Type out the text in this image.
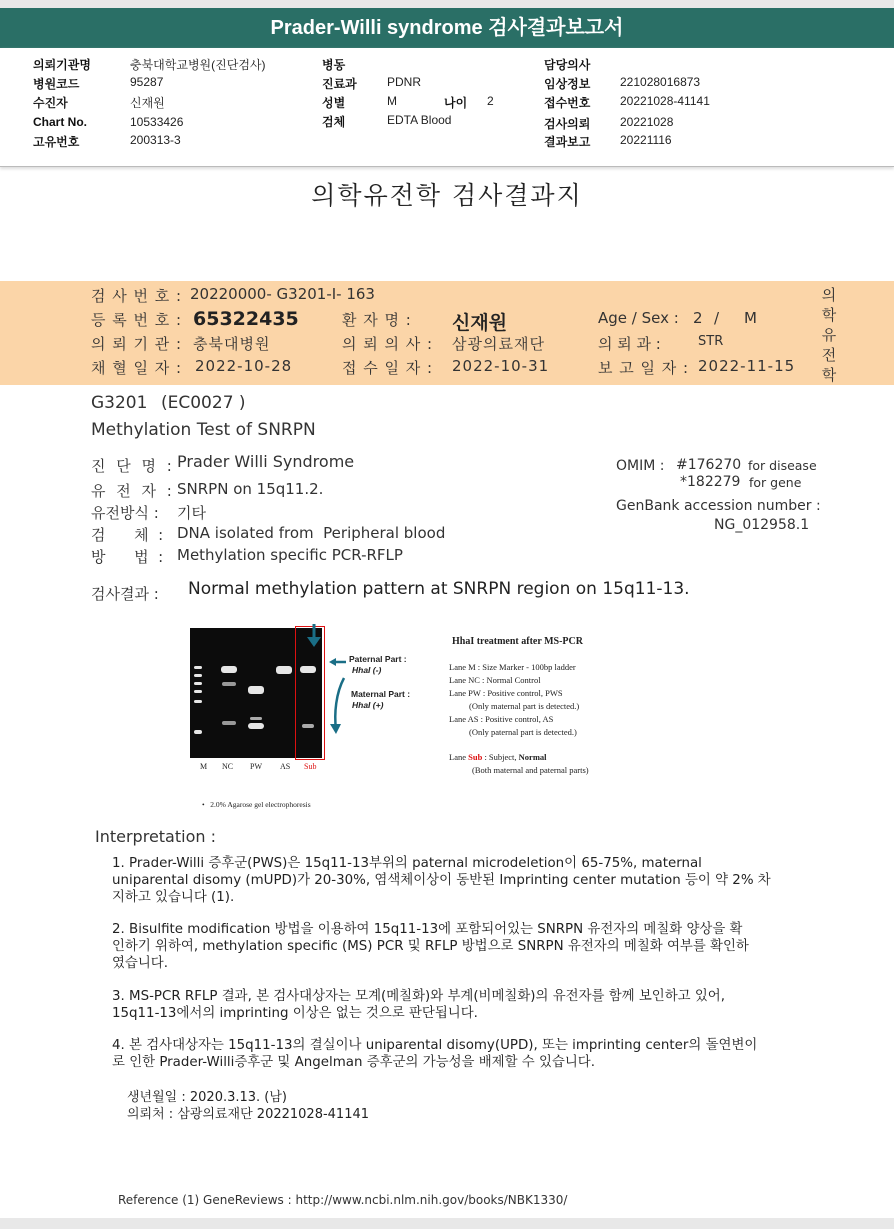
Prader-Willi syndrome 검사결과보고서
의뢰기관명	충북대학교병원(진단검사)
병원코드	95287
수진자	신재원
Chart No.	10533426
고유번호	200313-3
병동
진료과	PDNR
성별	M	나이 2
검체	EDTA Blood
담당의사
임상정보 221028016873
접수번호 20221028-41141
검사의뢰 20221028
결과보고 20221116
의학유전학 검사결과지
검 사 번 호 : 20220000- G3201-I- 163
등 록 번 호 : 65322435	환 자 명 : 신재원	Age / Sex : 2 / M
의 뢰 기 관 : 충북대병원	의 뢰 의 사 : 삼광의료재단	의 뢰 과 :	STR
채 혈 일 자 : 2022-10-28	접 수 일 자 : 2022-10-31	보 고 일 자 : 2022-11-15
의
학
유
전
학
G3201 (EC0027 )
Methylation Test of SNRPN
진 단 명 : Prader Willi Syndrome
유 전 자 : SNRPN on 15q11.2.
유전방식 : 기타
검      체  : DNA isolated from  Peripheral blood
방      법  : Methylation specific PCR-RFLP
OMIM : #176270 for disease
*182279 for gene
GenBank accession number :
NG_012958.1
검사결과 : Normal methylation pattern at SNRPN region on 15q11-13.
Paternal Part :
HhaI (-)
Maternal Part :
HhaI (+)
M NC PW AS Sub
•   2.0% Agarose gel electrophoresis
HhaI treatment after MS-PCR
Lane M : Size Marker - 100bp ladder
Lane NC : Normal Control
Lane PW : Positive control, PWS
(Only maternal part is detected.)
Lane AS : Positive control, AS
(Only paternal part is detected.)
Lane Sub : Subject, Normal
(Both maternal and paternal parts)
Interpretation :
1. Prader-Willi 증후군(PWS)은 15q11-13부위의 paternal microdeletion이 65-75%, maternal
uniparental disomy (mUPD)가 20-30%, 염색체이상이 동반된 Imprinting center mutation 등이 약 2% 차
지하고 있습니다 (1).
2. Bisulfite modification 방법을 이용하여 15q11-13에 포함되어있는 SNRPN 유전자의 메칠화 양상을 확
인하기 위하여, methylation specific (MS) PCR 및 RFLP 방법으로 SNRPN 유전자의 메칠화 여부를 확인하
였습니다.
3. MS-PCR RFLP 결과, 본 검사대상자는 모계(메칠화)와 부계(비메칠화)의 유전자를 함께 보인하고 있어,
15q11-13에서의 imprinting 이상은 없는 것으로 판단됩니다.
4. 본 검사대상자는 15q11-13의 결실이나 uniparental disomy(UPD), 또는 imprinting center의 돌연변이
로 인한 Prader-Willi증후군 및 Angelman 증후군의 가능성을 배제할 수 있습니다.
생년월일 : 2020.3.13. (남)
의뢰처 : 삼광의료재단 20221028-41141
Reference (1) GeneReviews : http://www.ncbi.nlm.nih.gov/books/NBK1330/
